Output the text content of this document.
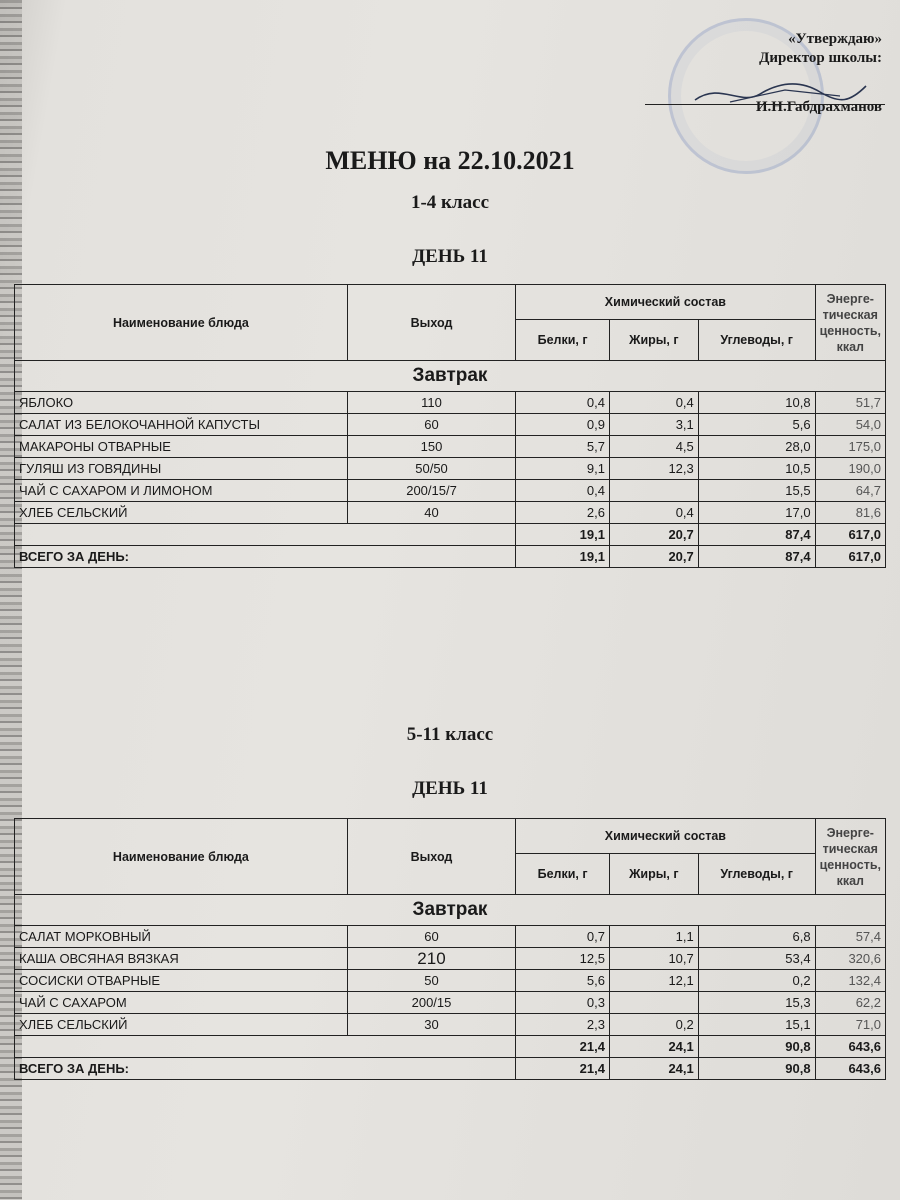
«Утверждаю»
Директор школы:
И.Н.Габдрахманов
МЕНЮ на 22.10.2021
1-4 класс
ДЕНЬ 11
Наименование блюда	Выход	Химический состав			Энерге-тическая ценность, ккал
		Белки, г	Жиры, г	Углеводы, г	
Завтрак					
ЯБЛОКО	110	0,4	0,4	10,8	51,7
САЛАТ ИЗ БЕЛОКОЧАННОЙ КАПУСТЫ	60	0,9	3,1	5,6	54,0
МАКАРОНЫ ОТВАРНЫЕ	150	5,7	4,5	28,0	175,0
ГУЛЯШ ИЗ ГОВЯДИНЫ	50/50	9,1	12,3	10,5	190,0
ЧАЙ С САХАРОМ И ЛИМОНОМ	200/15/7	0,4		15,5	64,7
ХЛЕБ СЕЛЬСКИЙ	40	2,6	0,4	17,0	81,6
		19,1	20,7	87,4	617,0
ВСЕГО ЗА ДЕНЬ:		19,1	20,7	87,4	617,0
5-11 класс
ДЕНЬ 11
Наименование блюда	Выход	Химический состав			Энерге-тическая ценность, ккал
		Белки, г	Жиры, г	Углеводы, г	
Завтрак					
САЛАТ МОРКОВНЫЙ	60	0,7	1,1	6,8	57,4
КАША ОВСЯНАЯ ВЯЗКАЯ	210	12,5	10,7	53,4	320,6
СОСИСКИ ОТВАРНЫЕ	50	5,6	12,1	0,2	132,4
ЧАЙ С САХАРОМ	200/15	0,3		15,3	62,2
ХЛЕБ СЕЛЬСКИЙ	30	2,3	0,2	15,1	71,0
		21,4	24,1	90,8	643,6
ВСЕГО ЗА ДЕНЬ:		21,4	24,1	90,8	643,6
